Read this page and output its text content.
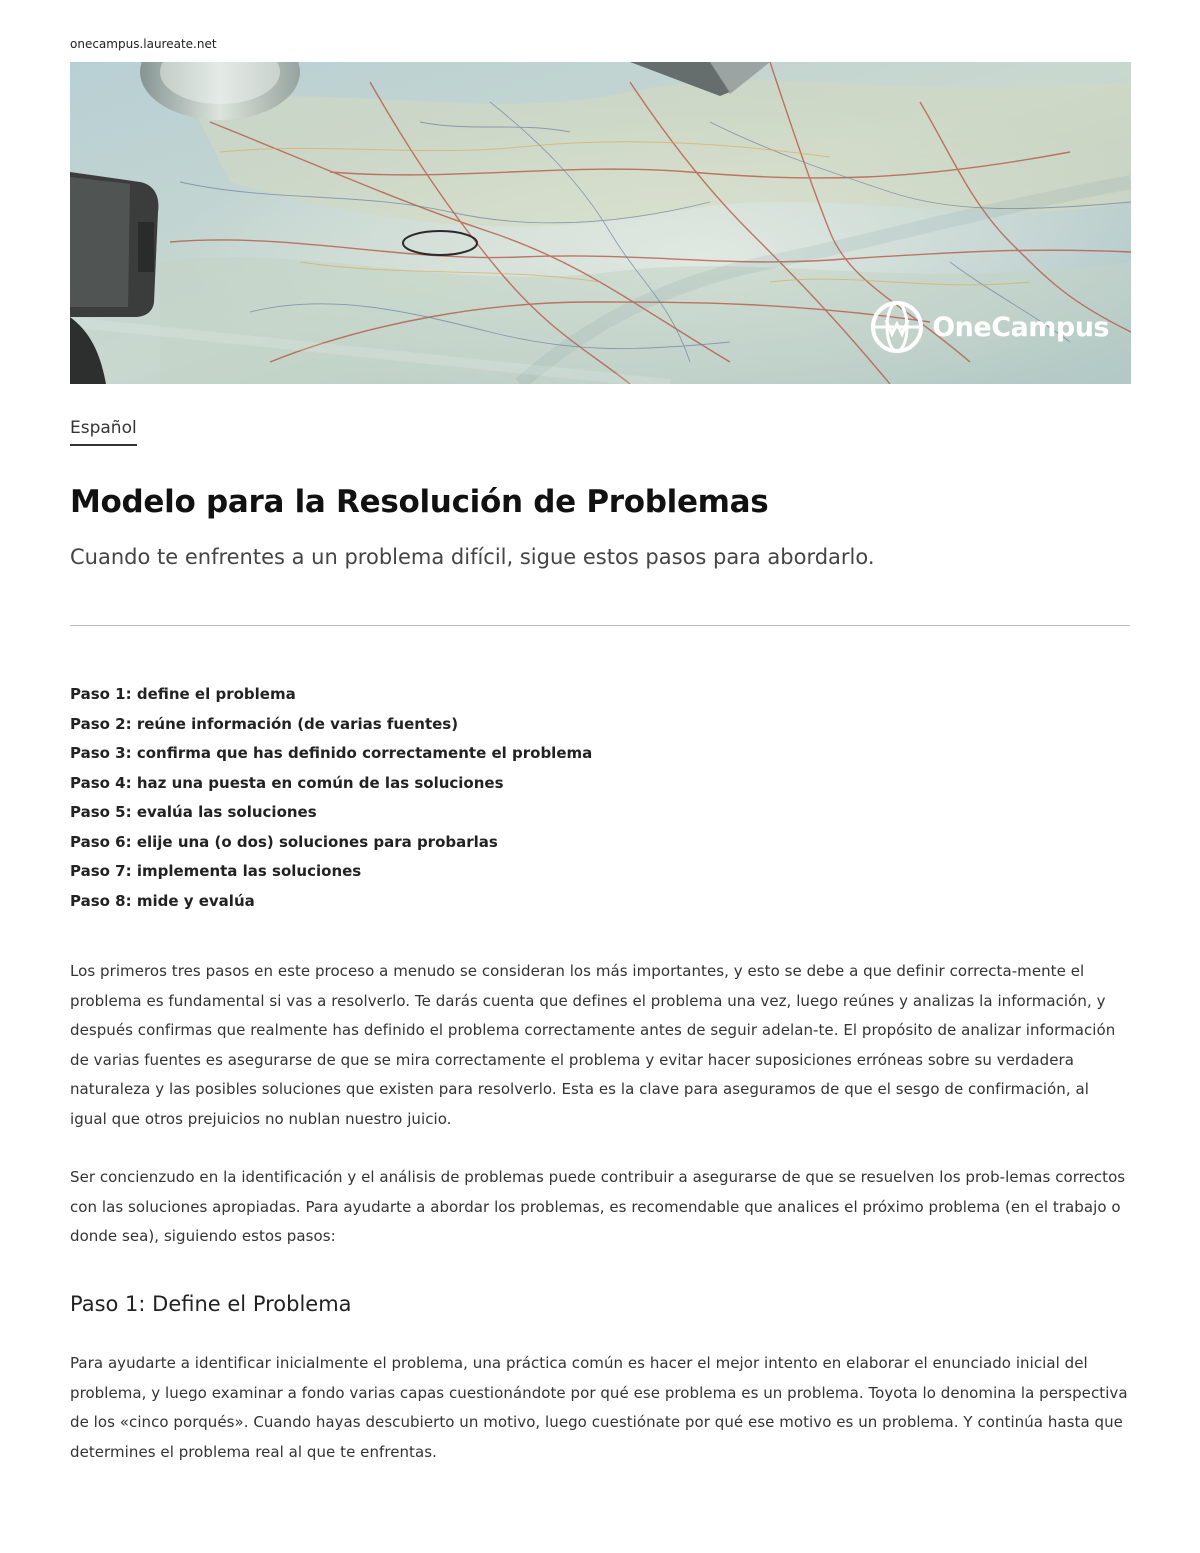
onecampus.laureate.net
OneCampus
Español
Modelo para la Resolución de Problemas

Cuando te enfrentes a un problema difícil, sigue estos pasos para abordarlo.

Paso 1: define el problema
Paso 2: reúne información (de varias fuentes)
Paso 3: confirma que has definido correctamente el problema
Paso 4: haz una puesta en común de las soluciones
Paso 5: evalúa las soluciones
Paso 6: elije una (o dos) soluciones para probarlas
Paso 7: implementa las soluciones
Paso 8: mide y evalúa

Los primeros tres pasos en este proceso a menudo se consideran los más importantes, y esto se debe a que definir correcta-mente el problema es fundamental si vas a resolverlo. Te darás cuenta que defines el problema una vez, luego reúnes y analizas la información, y después confirmas que realmente has definido el problema correctamente antes de seguir adelan-te. El propósito de analizar información de varias fuentes es asegurarse de que se mira correctamente el problema y evitar hacer suposiciones erróneas sobre su verdadera naturaleza y las posibles soluciones que existen para resolverlo. Esta es la clave para aseguramos de que el sesgo de confirmación, al igual que otros prejuicios no nublan nuestro juicio.

Ser concienzudo en la identificación y el análisis de problemas puede contribuir a asegurarse de que se resuelven los prob-lemas correctos con las soluciones apropiadas. Para ayudarte a abordar los problemas, es recomendable que analices el próximo problema (en el trabajo o donde sea), siguiendo estos pasos:

Paso 1: Define el Problema

Para ayudarte a identificar inicialmente el problema, una práctica común es hacer el mejor intento en elaborar el enunciado inicial del problema, y luego examinar a fondo varias capas cuestionándote por qué ese problema es un problema. Toyota lo denomina la perspectiva de los «cinco porqués». Cuando hayas descubierto un motivo, luego cuestiónate por qué ese motivo es un problema. Y continúa hasta que determines el problema real al que te enfrentas.
